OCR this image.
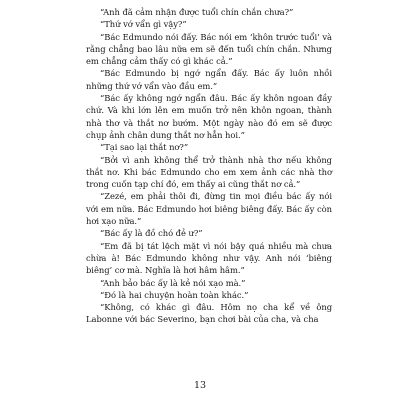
“Anh đã cảm nhận được tuổi chín chắn chưa?”

“Thứ vớ vẩn gì vậy?”

“Bác Edmundo nói đấy. Bác nói em ‘khôn trước tuổi’ và rằng chẳng bao lâu nữa em sẽ đến tuổi chín chắn. Nhưng em chẳng cảm thấy có gì khác cả.”

“Bác Edmundo bị ngớ ngẩn đấy. Bác ấy luôn nhồi những thứ vớ vẩn vào đầu em.”

“Bác ấy không ngớ ngẩn đâu. Bác ấy khôn ngoan đầy chứ. Và khi lớn lên em muốn trở nên khôn ngoan, thành nhà thơ và thắt nơ bướm. Một ngày nào đó em sẽ được chụp ảnh chân dung thắt nơ hẳn hoi.”

“Tại sao lại thắt nơ?”

“Bởi vì anh không thể trở thành nhà thơ nếu không thắt nơ. Khi bác Edmundo cho em xem ảnh các nhà thơ trong cuốn tạp chí đó, em thấy ai cũng thắt nơ cả.”

“Zezé, em phải thôi đi, đừng tin mọi điều bác ấy nói với em nữa. Bác Edmundo hơi biêng biêng đấy. Bác ấy còn hơi xạo nữa.”

“Bác ấy là đồ chó đẻ ư?”

“Em đã bị tát lệch mặt vì nói bậy quá nhiều mà chưa chừa à! Bác Edmundo không như vậy. Anh nói ‘biêng biêng’ cơ mà. Nghĩa là hơi hâm hâm.”

“Anh bảo bác ấy là kẻ nói xạo mà.”

“Đó là hai chuyện hoàn toàn khác.”

“Không, có khác gì đâu. Hôm nọ cha kể về ông Labonne với bác Severino, bạn chơi bài của cha, và cha

13
